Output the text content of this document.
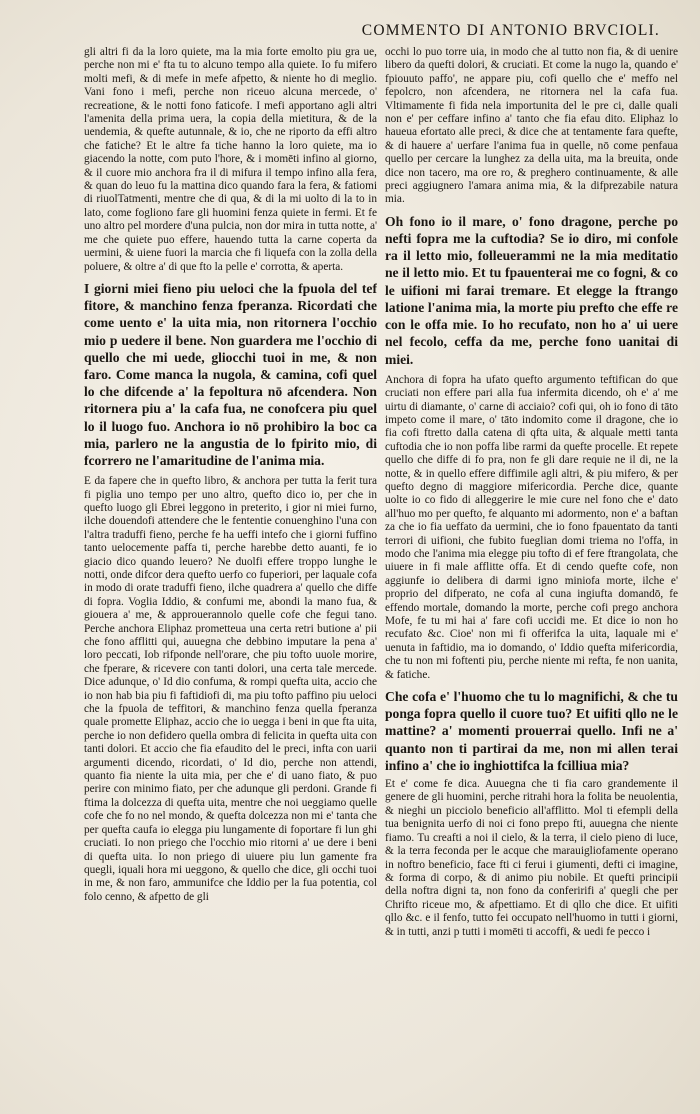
COMMENTO DI ANTONIO BRVCIOLI.

gli altri fi da la loro quiete, ma la mia forte emolto piu gra ue, perche non mi e' fta tu to alcuno tempo alla quiete. Io fu mifero molti mefi, & di mefe in mefe afpetto, & niente ho di meglio. Vani fono i mefi, perche non riceuo alcuna mercede, o' recreatione, & le notti fono faticofe. I mefi apportano agli altri l'amenita della prima uera, la copia della mietitura, & de la uendemia, & quefte autunnale, & io, che ne riporto da effi altro che fatiche? Et le altre fa tiche hanno la loro quiete, ma io giacendo la notte, com puto l'hore, & i momēti infino al giorno, & il cuore mio anchora fra il di mifura il tempo infino alla fera, & quan do leuo fu la mattina dico quando fara la fera, & fatiomi di riuolTatmenti, mentre che di qua, & di la mi uolto di la to in lato, come fogliono fare gli huomini fenza quiete in fermi. Et fe uno altro pel mordere d'una pulcia, non dor mira in tutta notte, a' me che quiete puo effere, hauendo tutta la carne coperta da uermini, & uiene fuori la marcia che fi liquefa con la zolla della poluere, & oltre a' di que fto la pelle e' corrotta, & aperta.

I giorni miei fieno piu ueloci che la fpuola del tef fitore, & manchino fenza fperanza. Ricordati che come uento e' la uita mia, non ritornera l'occhio mio p uedere il bene. Non guardera me l'occhio di quello che mi uede, gliocchi tuoi in me, & non faro. Come manca la nugola, & camina, cofi quel lo che difcende a' la fepoltura nō afcendera. Non ritornera piu a' la cafa fua, ne conofcera piu quel lo il luogo fuo. Anchora io nō prohibiro la boc ca mia, parlero ne la angustia de lo fpirito mio, di fcorrero ne l'amaritudine de l'anima mia.

E da fapere che in quefto libro, & anchora per tutta la ferit tura fi piglia uno tempo per uno altro, quefto dico io, per che in quefto luogo gli Ebrei leggono in preterito, i gior ni miei furno, ilche douendofi attendere che le fententie conuenghino l'una con l'altra traduffi fieno, perche fe ha ueffi intefo che i giorni fuffino tanto uelocemente paffa ti, perche harebbe detto auanti, fe io giacio dico quando leuero? Ne duolfi effere troppo lunghe le notti, onde difcor dera quefto uerfo co fuperiori, per laquale cofa in modo di orate traduffi fieno, ilche quadrera a' quello che diffe di fopra. Voglia Iddio, & confumi me, abondi la mano fua, & giouera a' me, & approuerannolo quelle cofe che fegui tano. Perche anchora Eliphaz prometteua una certa retri butione a' pii che fono afflitti qui, auuegna che debbino imputare la pena a' loro peccati, Iob rifponde nell'orare, che piu tofto uuole morire, che fperare, & ricevere con tanti dolori, una certa tale mercede. Dice adunque, o' Id dio confuma, & rompi quefta uita, accio che io non hab bia piu fi faftidiofi di, ma piu tofto paffino piu ueloci che la fpuola de teffitori, & manchino fenza quella fperanza quale promette Eliphaz, accio che io uegga i beni in que fta uita, perche io non defidero quella ombra di felicita in quefta uita con tanti dolori. Et accio che fia efaudito del le preci, infta con uarii argumenti dicendo, ricordati, o' Id dio, perche non attendi, quanto fia niente la uita mia, per che e' di uano fiato, & puo perire con minimo fiato, per che adunque gli perdoni. Grande fi ftima la dolcezza di quefta uita, mentre che noi ueggiamo quelle cofe che fo no nel mondo, & quefta dolcezza non mi e' tanta che per quefta caufa io elegga piu lungamente di foportare fi lun ghi cruciati. Io non priego che l'occhio mio ritorni a' ue dere i beni di quefta uita. Io non priego di uiuere piu lun gamente fra quegli, iquali hora mi ueggono, & quello che dice, gli occhi tuoi in me, & non faro, ammunifce che Iddio per la fua potentia, col folo cenno, & afpetto de gli

occhi lo puo torre uia, in modo che al tutto non fia, & di uenire libero da quefti dolori, & cruciati. Et come la nugo la, quando e' fpiouuto paffo', ne appare piu, cofi quello che e' meffo nel fepolcro, non afcendera, ne ritornera nel la cafa fua. Vltimamente fi fida nela importunita del le pre ci, dalle quali non e' per ceffare infino a' tanto che fia efau dito. Eliphaz lo haueua efortato alle preci, & dice che at tentamente fara quefte, & di hauere a' uerfare l'anima fua in quelle, nō come penfaua quello per cercare la lunghez za della uita, ma la breuita, onde dice non tacero, ma ore ro, & preghero continuamente, & alle preci aggiugnero l'amara anima mia, & la difprezabile natura mia.

Oh fono io il mare, o' fono dragone, perche po nefti fopra me la cuftodia? Se io diro, mi confole ra il letto mio, folleuerammi ne la mia meditatio ne il letto mio. Et tu fpauenterai me co fogni, & co le uifioni mi farai tremare. Et elegge la ftrango latione l'anima mia, la morte piu prefto che effe re con le offa mie. Io ho recufato, non ho a' ui uere nel fecolo, ceffa da me, perche fono uanitai di miei.

Anchora di fopra ha ufato quefto argumento teftifican do que cruciati non effere pari alla fua infermita dicendo, oh e' a' me uirtu di diamante, o' carne di acciaio? cofi qui, oh io fono di tāto impeto come il mare, o' tāto indomito come il dragone, che io fia cofi ftretto dalla catena di qfta uita, & alquale metti tanta cuftodia che io non poffa libe rarmi da quefte procelle. Et repete quello che diffe di fo pra, non fe gli dare requie ne il di, ne la notte, & in quello effere diffimile agli altri, & piu mifero, & per quefto degno di maggiore mifericordia. Perche dice, quante uolte io co fido di alleggerire le mie cure nel fono che e' dato all'huo mo per quefto, fe alquanto mi adormento, non e' a baftan za che io fia ueffato da uermini, che io fono fpauentato da tanti terrori di uifioni, che fubito fueglian domi triema no l'offa, in modo che l'anima mia elegge piu tofto di ef fere ftrangolata, che uiuere in fi male afflitte offa. Et di cendo quefte cofe, non aggiunfe io delibera di darmi igno miniofa morte, ilche e' proprio del difperato, ne cofa al cuna ingiufta domandō, fe effendo mortale, domando la morte, perche cofi prego anchora Mofe, fe tu mi hai a' fare cofi uccidi me. Et dice io non ho recufato &c. Cioe' non mi fi offerifca la uita, laquale mi e' uenuta in faftidio, ma io domando, o' Iddio quefta mifericordia, che tu non mi foftenti piu, perche niente mi refta, fe non uanita, & fatiche.

Che cofa e' l'huomo che tu lo magnifichi, & che tu ponga fopra quello il cuore tuo? Et uifiti qllo ne le mattine? a' momenti prouerrai quello. Infi ne a' quanto non ti partirai da me, non mi allen terai infino a' che io inghiottifca la fcilliua mia?

Et e' come fe dica. Auuegna che ti fia caro grandemente il genere de gli huomini, perche ritrahi hora la folita be neuolentia, & nieghi un picciolo beneficio all'afflitto. Mol ti efempli della tua benignita uerfo di noi ci fono prepo fti, auuegna che niente fiamo. Tu creafti a noi il cielo, & la terra, il cielo pieno di luce, & la terra feconda per le acque che marauigliofamente operano in noftro beneficio, face fti ci ferui i giumenti, defti ci imagine, & forma di corpo, & di animo piu nobile. Et quefti principii della noftra digni ta, non fono da conferirifi a' quegli che per Chrifto riceue mo, & afpettiamo. Et di qllo che dice. Et uifiti qllo &c. e il fenfo, tutto fei occupato nell'huomo in tutti i giorni, & in tutti, anzi p tutti i momēti ti accoffi, & uedi fe pecco i
